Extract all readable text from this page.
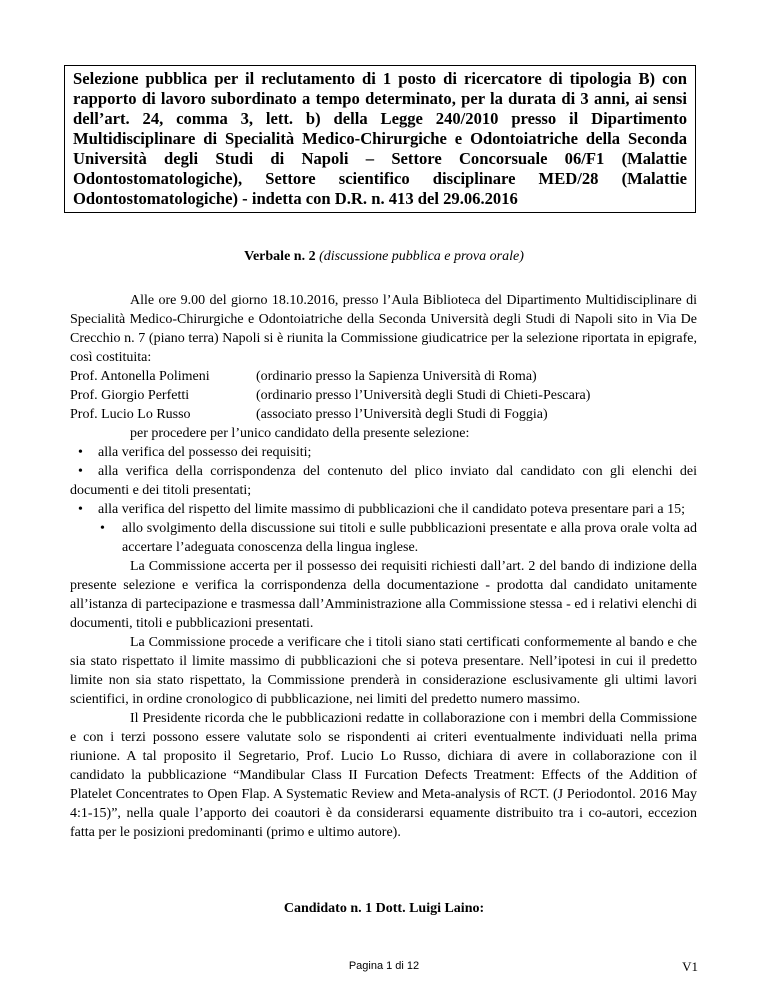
Selezione pubblica per il reclutamento di 1 posto di ricercatore di tipologia B) con rapporto di lavoro subordinato a tempo determinato, per la durata di 3 anni, ai sensi dell’art. 24, comma 3, lett. b) della Legge 240/2010 presso il Dipartimento Multidisciplinare di Specialità Medico-Chirurgiche e Odontoiatriche della Seconda Università degli Studi di Napoli – Settore Concorsuale 06/F1 (Malattie Odontostomatologiche), Settore scientifico disciplinare MED/28 (Malattie Odontostomatologiche) - indetta con D.R. n. 413 del 29.06.2016
Verbale n. 2 (discussione pubblica e prova orale)

Alle ore 9.00 del giorno 18.10.2016, presso l’Aula Biblioteca del Dipartimento Multidisciplinare di Specialità Medico-Chirurgiche e Odontoiatriche della Seconda Università degli Studi di Napoli sito in Via De Crecchio n. 7 (piano terra) Napoli si è riunita la Commissione giudicatrice per la selezione riportata in epigrafe, così costituita:

Prof. Antonella Polimeni	(ordinario presso la Sapienza Università di Roma)
Prof. Giorgio Perfetti	(ordinario presso l’Università degli Studi di Chieti-Pescara)
Prof. Lucio Lo Russo	(associato presso l’Università degli Studi di Foggia)

per procedere per l’unico candidato della presente selezione:

•	alla verifica del possesso dei requisiti;
•	alla verifica della corrispondenza del contenuto del plico inviato dal candidato con gli elenchi dei documenti e dei titoli presentati;
•	alla verifica del rispetto del limite massimo di pubblicazioni che il candidato poteva presentare pari a 15;
•	allo svolgimento della discussione sui titoli e sulle pubblicazioni presentate e alla prova orale volta ad accertare l’adeguata conoscenza della lingua inglese.

La Commissione accerta per il possesso dei requisiti richiesti dall’art. 2 del bando di indizione della presente selezione e verifica la corrispondenza della documentazione - prodotta dal candidato unitamente all’istanza di partecipazione e trasmessa dall’Amministrazione alla Commissione stessa - ed i relativi elenchi di documenti, titoli e pubblicazioni presentati.

La Commissione procede a verificare che i titoli siano stati certificati conformemente al bando e che sia stato rispettato il limite massimo di pubblicazioni che si poteva presentare. Nell’ipotesi in cui il predetto limite non sia stato rispettato, la Commissione prenderà in considerazione esclusivamente gli ultimi lavori scientifici, in ordine cronologico di pubblicazione, nei limiti del predetto numero massimo.

Il Presidente ricorda che le pubblicazioni redatte in collaborazione con i membri della Commissione e con i terzi possono essere valutate solo se rispondenti ai criteri eventualmente individuati nella prima riunione. A tal proposito il Segretario, Prof. Lucio Lo Russo, dichiara di avere in collaborazione con il candidato la pubblicazione “Mandibular Class II Furcation Defects Treatment: Effects of the Addition of Platelet Concentrates to Open Flap. A Systematic Review and Meta-analysis of RCT. (J Periodontol. 2016 May 4:1-15)”, nella quale l’apporto dei coautori è da considerarsi equamente distribuito tra i co-autori, eccezion fatta per le posizioni predominanti (primo e ultimo autore).

Candidato n. 1 Dott. Luigi Laino:
Pagina 1 di 12	V1
